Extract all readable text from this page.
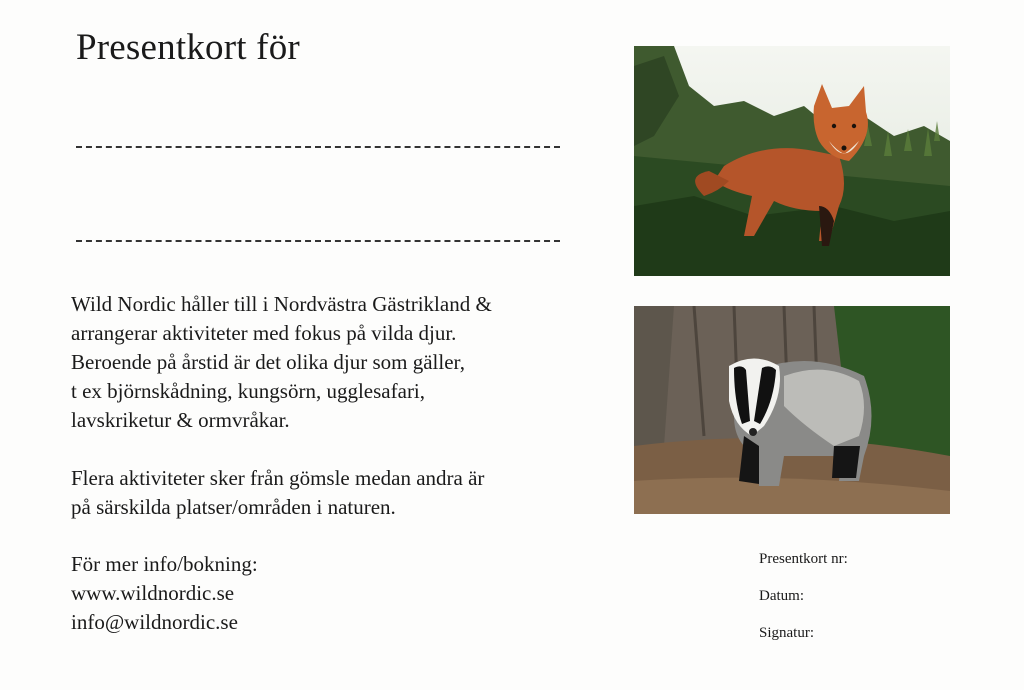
Presentkort för
Wild Nordic håller till i Nordvästra Gästrikland &
arrangerar aktiviteter med fokus på vilda djur.
Beroende på årstid är det olika djur som gäller,
t ex björnskådning, kungsörn, ugglesafari,
lavskriketur & ormvråkar.
Flera aktiviteter sker från gömsle medan andra är
på särskilda platser/områden i naturen.
För mer info/bokning:
www.wildnordic.se
info@wildnordic.se
Presentkort nr:
Datum:
Signatur:
